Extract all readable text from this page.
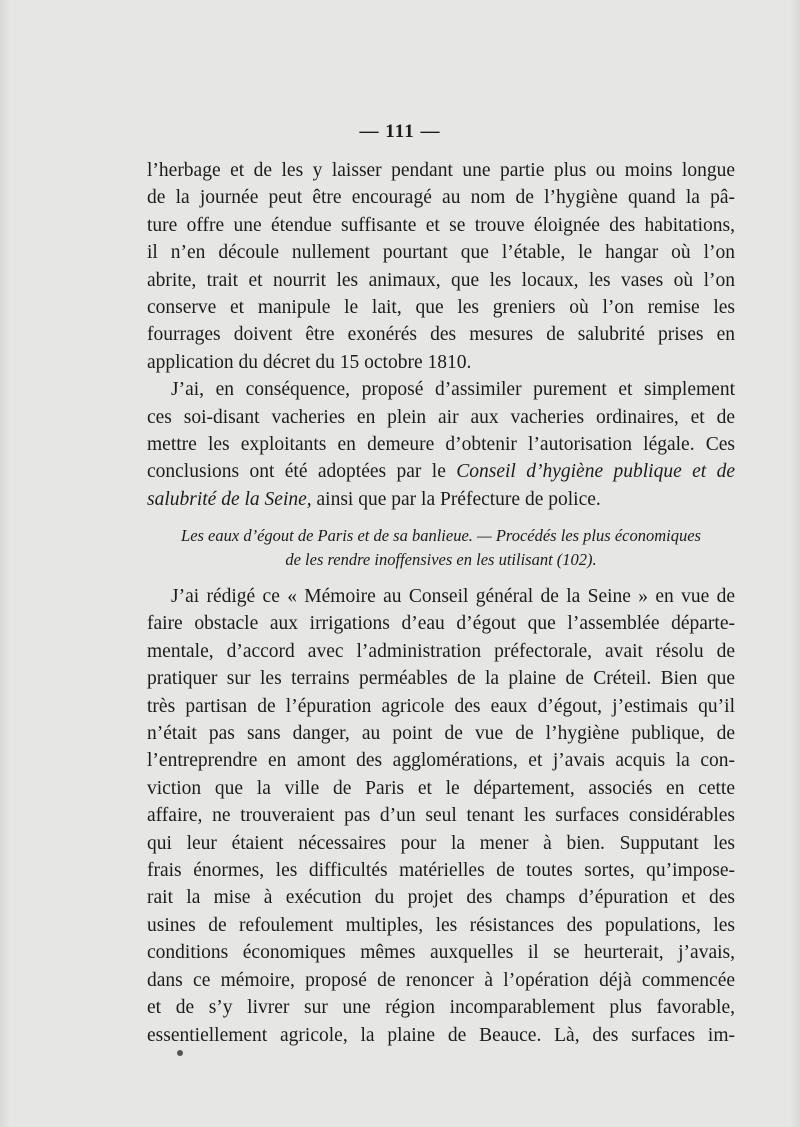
— 111 —
l’herbage et de les y laisser pendant une partie plus ou moins longue
de la journée peut être encouragé au nom de l’hygiène quand la pâ-
ture offre une étendue suffisante et se trouve éloignée des habitations,
il n’en découle nullement pourtant que l’étable, le hangar où l’on
abrite, trait et nourrit les animaux, que les locaux, les vases où l’on
conserve et manipule le lait, que les greniers où l’on remise les
fourrages doivent être exonérés des mesures de salubrité prises en
application du décret du 15 octobre 1810.
J’ai, en conséquence, proposé d’assimiler purement et simplement
ces soi-disant vacheries en plein air aux vacheries ordinaires, et de
mettre les exploitants en demeure d’obtenir l’autorisation légale. Ces
conclusions ont été adoptées par le Conseil d’hygiène publique et de
salubrité de la Seine, ainsi que par la Préfecture de police.
Les eaux d’égout de Paris et de sa banlieue. — Procédés les plus économiques
de les rendre inoffensives en les utilisant (102).
J’ai rédigé ce « Mémoire au Conseil général de la Seine » en vue de
faire obstacle aux irrigations d’eau d’égout que l’assemblée départe-
mentale, d’accord avec l’administration préfectorale, avait résolu de
pratiquer sur les terrains perméables de la plaine de Créteil. Bien que
très partisan de l’épuration agricole des eaux d’égout, j’estimais qu’il
n’était pas sans danger, au point de vue de l’hygiène publique, de
l’entreprendre en amont des agglomérations, et j’avais acquis la con-
viction que la ville de Paris et le département, associés en cette
affaire, ne trouveraient pas d’un seul tenant les surfaces considérables
qui leur étaient nécessaires pour la mener à bien. Supputant les
frais énormes, les difficultés matérielles de toutes sortes, qu’impose-
rait la mise à exécution du projet des champs d’épuration et des
usines de refoulement multiples, les résistances des populations, les
conditions économiques mêmes auxquelles il se heurterait, j’avais,
dans ce mémoire, proposé de renoncer à l’opération déjà commencée
et de s’y livrer sur une région incomparablement plus favorable,
essentiellement agricole, la plaine de Beauce. Là, des surfaces im-
